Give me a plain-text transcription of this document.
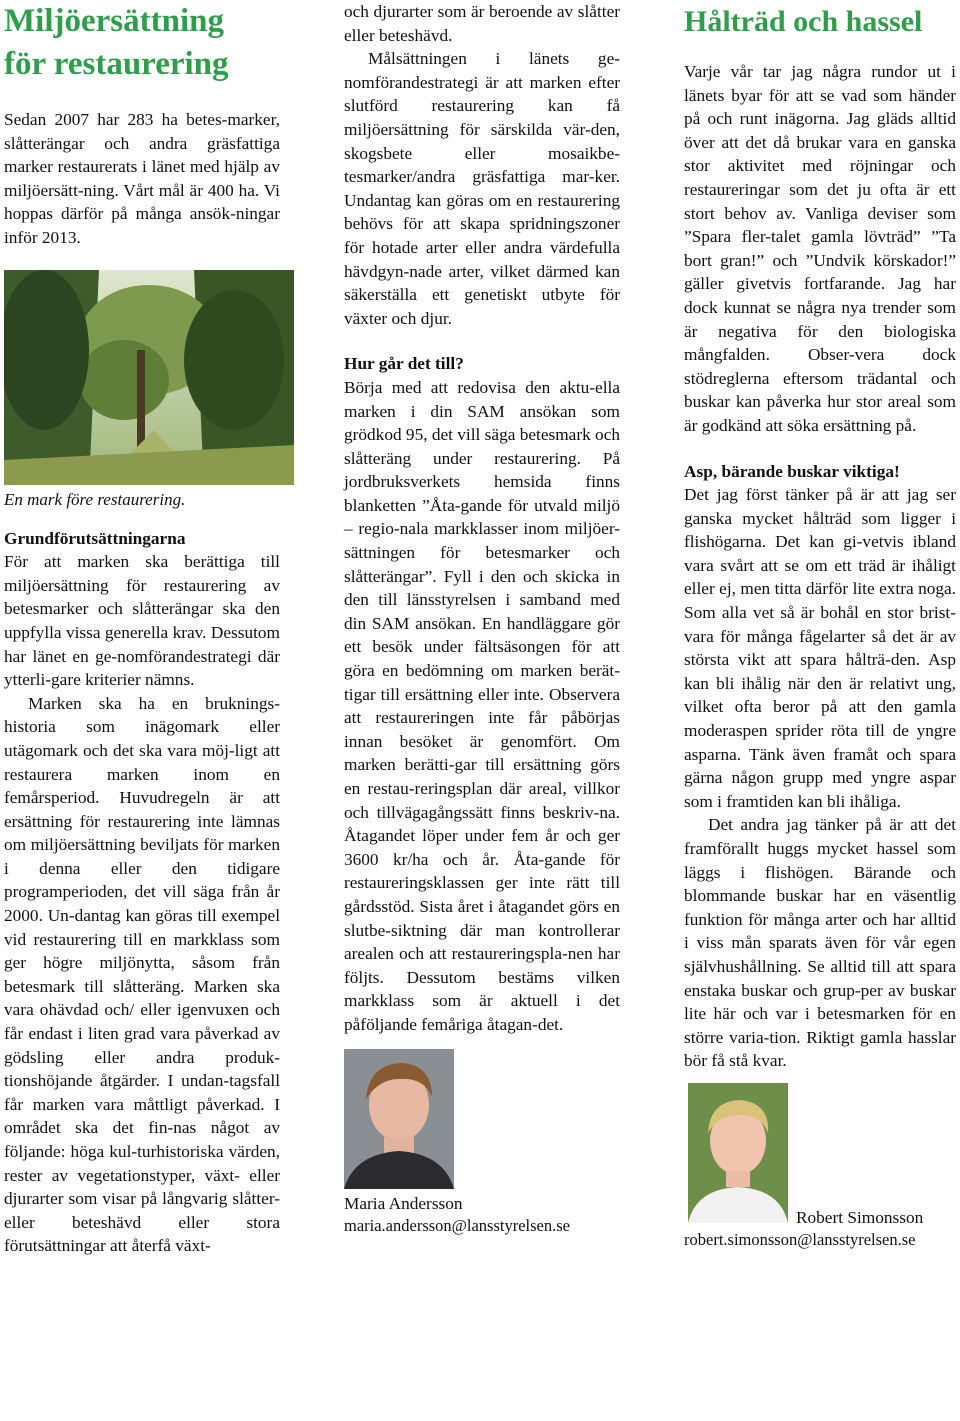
Miljöersättning
för restaurering

Sedan 2007 har 283 ha betes-marker, slåtterängar och andra gräsfattiga marker restaurerats i länet med hjälp av miljöersätt-ning. Vårt mål är 400 ha. Vi hoppas därför på många ansök-ningar inför 2013.

En mark före restaurering.

Grundförutsättningarna

För att marken ska berättiga till miljöersättning för restaurering av betesmarker och slåtterängar ska den uppfylla vissa generella krav. Dessutom har länet en ge-nomförandestrategi där ytterli-gare kriterier nämns.

Marken ska ha en bruknings-historia som inägomark eller utägomark och det ska vara möj-ligt att restaurera marken inom en femårsperiod. Huvudregeln är att ersättning för restaurering inte lämnas om miljöersättning beviljats för marken i denna eller den tidigare programperioden, det vill säga från år 2000. Un-dantag kan göras till exempel vid restaurering till en markklass som ger högre miljönytta, såsom från betesmark till slåtteräng. Marken ska vara ohävdad och/ eller igenvuxen och får endast i liten grad vara påverkad av gödsling eller andra produk-tionshöjande åtgärder. I undan-tagsfall får marken vara måttligt påverkad. I området ska det fin-nas något av följande: höga kul-turhistoriska värden, rester av vegetationstyper, växt- eller djurarter som visar på långvarig slåtter- eller beteshävd eller stora förutsättningar att återfå växt-

och djurarter som är beroende av slåtter eller beteshävd.

Målsättningen i länets ge-nomförandestrategi är att marken efter slutförd restaurering kan få miljöersättning för särskilda vär-den, skogsbete eller mosaikbe-tesmarker/andra gräsfattiga mar-ker. Undantag kan göras om en restaurering behövs för att skapa spridningszoner för hotade arter eller andra värdefulla hävdgyn-nade arter, vilket därmed kan säkerställa ett genetiskt utbyte för växter och djur.

Hur går det till?

Börja med att redovisa den aktu-ella marken i din SAM ansökan som grödkod 95, det vill säga betesmark och slåtteräng under restaurering. På jordbruksverkets hemsida finns blanketten ”Åta-gande för utvald miljö – regio-nala markklasser inom miljöer-sättningen för betesmarker och slåtterängar”. Fyll i den och skicka in den till länsstyrelsen i samband med din SAM ansökan. En handläggare gör ett besök under fältsäsongen för att göra en bedömning om marken berät-tigar till ersättning eller inte. Observera att restaureringen inte får påbörjas innan besöket är genomfört. Om marken berätti-gar till ersättning görs en restau-reringsplan där areal, villkor och tillvägagångssätt finns beskriv-na. Åtagandet löper under fem år och ger 3600 kr/ha och år. Åta-gande för restaureringsklassen ger inte rätt till gårdsstöd. Sista året i åtagandet görs en slutbe-siktning där man kontrollerar arealen och att restaureringspla-nen har följts. Dessutom bestäms vilken markklass som är aktuell i det påföljande femåriga åtagan-det.

Maria Andersson

maria.andersson@lansstyrelsen.se

Hålträd och hassel

Varje vår tar jag några rundor ut i länets byar för att se vad som händer på och runt inägorna. Jag gläds alltid över att det då brukar vara en ganska stor aktivitet med röjningar och restaureringar som det ju ofta är ett stort behov av. Vanliga deviser som ”Spara fler-talet gamla lövträd” ”Ta bort gran!” och ”Undvik körskador!” gäller givetvis fortfarande. Jag har dock kunnat se några nya trender som är negativa för den biologiska mångfalden. Obser-vera dock stödreglerna eftersom trädantal och buskar kan påverka hur stor areal som är godkänd att söka ersättning på.

Asp, bärande buskar viktiga!

Det jag först tänker på är att jag ser ganska mycket hålträd som ligger i flishögarna. Det kan gi-vetvis ibland vara svårt att se om ett träd är ihåligt eller ej, men titta därför lite extra noga. Som alla vet så är bohål en stor brist-vara för många fågelarter så det är av största vikt att spara hålträ-den. Asp kan bli ihålig när den är relativt ung, vilket ofta beror på att den gamla moderaspen sprider röta till de yngre asparna. Tänk även framåt och spara gärna någon grupp med yngre aspar som i framtiden kan bli ihåliga.

Det andra jag tänker på är att det framförallt huggs mycket hassel som läggs i flishögen. Bärande och blommande buskar har en väsentlig funktion för många arter och har alltid i viss mån sparats även för vår egen självhushållning. Se alltid till att spara enstaka buskar och grup-per av buskar lite här och var i betesmarken för en större varia-tion. Riktigt gamla hasslar bör få stå kvar.

Robert Simonsson

robert.simonsson@lansstyrelsen.se
